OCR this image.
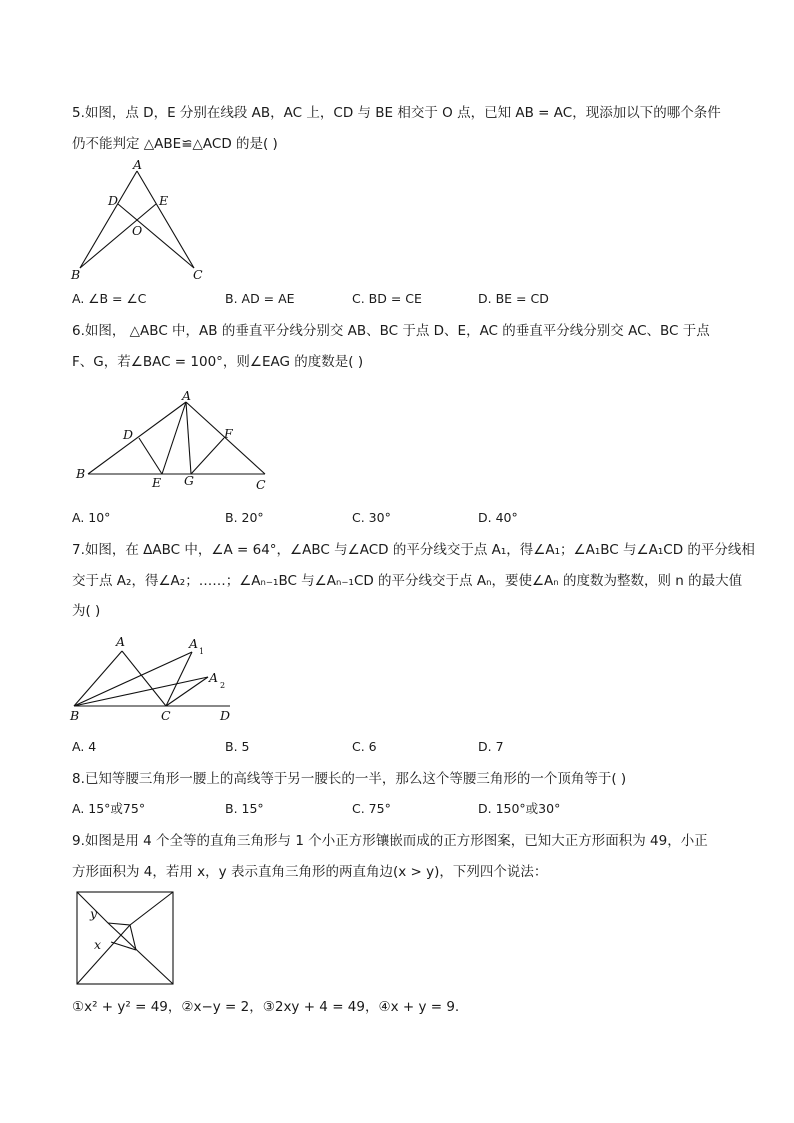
5.如图，点 D，E 分别在线段 AB，AC 上，CD 与 BE 相交于 O 点，已知 AB = AC，现添加以下的哪个条件
仍不能判定 △ABE≌△ACD 的是( )
A
D	E
O
B	C
A. ∠B = ∠C	B. AD = AE	C. BD = CE	D. BE = CD
6.如图， △ABC 中，AB 的垂直平分线分别交 AB、BC 于点 D、E，AC 的垂直平分线分别交 AC、BC 于点
F、G，若∠BAC = 100°，则∠EAG 的度数是( )
A
D	F
B
E G	C
A. 10°	B. 20°	C. 30°	D. 40°
7.如图，在 ΔABC 中，∠A = 64°，∠ABC 与∠ACD 的平分线交于点 A₁，得∠A₁；∠A₁BC 与∠A₁CD 的平分线相
交于点 A₂，得∠A₂；……；∠Aₙ₋₁BC 与∠Aₙ₋₁CD 的平分线交于点 Aₙ，要使∠Aₙ 的度数为整数，则 n 的最大值
为( )
A	A
1
A
2
B	C	D
A. 4	B. 5	C. 6	D. 7
8.已知等腰三角形一腰上的高线等于另一腰长的一半，那么这个等腰三角形的一个顶角等于( )
A. 15°或75°	B. 15°	C. 75°	D. 150°或30°
9.如图是用 4 个全等的直角三角形与 1 个小正方形镶嵌而成的正方形图案，已知大正方形面积为 49，小正
方形面积为 4，若用 x，y 表示直角三角形的两直角边(x > y)，下列四个说法：
y
x
①x² + y² = 49，②x−y = 2，③2xy + 4 = 49，④x + y = 9.
